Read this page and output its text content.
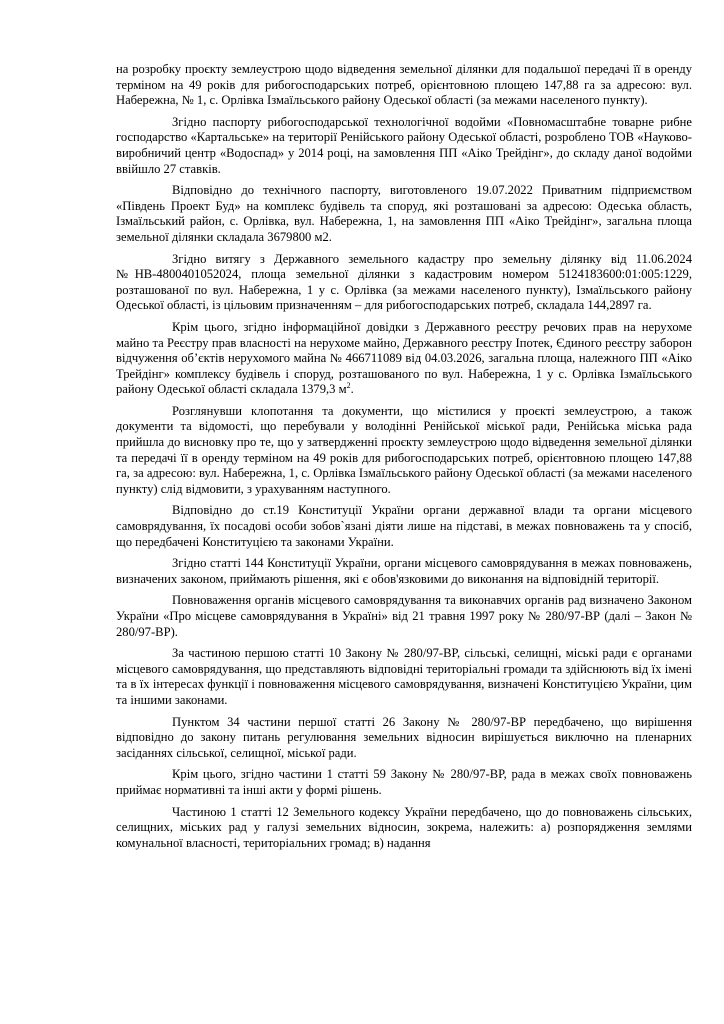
на розробку проєкту землеустрою щодо відведення земельної ділянки для подальшої передачі її в оренду терміном на 49 років для рибогосподарських потреб, орієнтовною площею 147,88 га за адресою: вул. Набережна, № 1, с. Орлівка Ізмаїльського району Одеської області (за межами населеного пункту).

Згідно паспорту рибогосподарської технологічної водойми «Повномасштабне товарне рибне господарство «Картальське» на території Ренійського району Одеської області, розроблено ТОВ «Науково-виробничий центр «Водоспад» у 2014 році, на замовлення ПП «Аіко Трейдінг», до складу даної водойми ввійшло 27 ставків.

Відповідно до технічного паспорту, виготовленого 19.07.2022 Приватним підприємством «Південь Проект Буд» на комплекс будівель та споруд, які розташовані за адресою: Одеська область, Ізмаїльський район, с. Орлівка, вул. Набережна, 1, на замовлення ПП «Аіко Трейдінг», загальна площа земельної ділянки складала 3679800 м2.

Згідно витягу з Державного земельного кадастру про земельну ділянку від 11.06.2024 №НВ-4800401052024, площа земельної ділянки з кадастровим номером 5124183600:01:005:1229, розташованої по вул. Набережна, 1 у с. Орлівка (за межами населеного пункту), Ізмаїльського району Одеської області, із цільовим призначенням – для рибогосподарських потреб, складала 144,2897 га.

Крім цього, згідно інформаційної довідки з Державного реєстру речових прав на нерухоме майно та Реєстру прав власності на нерухоме майно, Державного реєстру Іпотек, Єдиного реєстру заборон відчуження об’єктів нерухомого майна № 466711089 від 04.03.2026, загальна площа, належного ПП «Аіко Трейдінг» комплексу будівель і споруд, розташованого по вул. Набережна, 1 у с. Орлівка Ізмаїльського району Одеської області складала 1379,3 $м^2$.

Розглянувши клопотання та документи, що містилися у проєкті землеустрою, а також документи та відомості, що перебували у володінні Ренійської міської ради, Ренійська міська рада прийшла до висновку про те, що у затвердженні проєкту землеустрою щодо відведення земельної ділянки та передачі її в оренду терміном на 49 років для рибогосподарських потреб, орієнтовною площею 147,88 га, за адресою: вул. Набережна, 1, с. Орлівка Ізмаїльського району Одеської області (за межами населеного пункту) слід відмовити, з урахуванням наступного.

Відповідно до ст.19 Конституції України органи державної влади та органи місцевого самоврядування, їх посадові особи зобов`язані діяти лише на підставі, в межах повноважень та у спосіб, що передбачені Конституцією та законами України.

Згідно статті 144 Конституції України, органи місцевого самоврядування в межах повноважень, визначених законом, приймають рішення, які є обов'язковими до виконання на відповідній території.

Повноваження органів місцевого самоврядування та виконавчих органів рад визначено Законом України «Про місцеве самоврядування в Україні» від 21 травня 1997 року № 280/97-ВР (далі – Закон № 280/97-ВР).

За частиною першою статті 10 Закону № 280/97-ВР, сільські, селищні, міські ради є органами місцевого самоврядування, що представляють відповідні територіальні громади та здійснюють від їх імені та в їх інтересах функції і повноваження місцевого самоврядування, визначені Конституцією України, цим та іншими законами.

Пунктом 34 частини першої статті 26 Закону № 280/97-ВР передбачено, що вирішення відповідно до закону питань регулювання земельних відносин вирішується виключно на пленарних засіданнях сільської, селищної, міської ради.

Крім цього, згідно частини 1 статті 59 Закону № 280/97-ВР, рада в межах своїх повноважень приймає нормативні та інші акти у формі рішень.

Частиною 1 статті 12 Земельного кодексу України передбачено, що до повноважень сільських, селищних, міських рад у галузі земельних відносин, зокрема, належить: а) розпорядження землями комунальної власності, територіальних громад; в) надання
